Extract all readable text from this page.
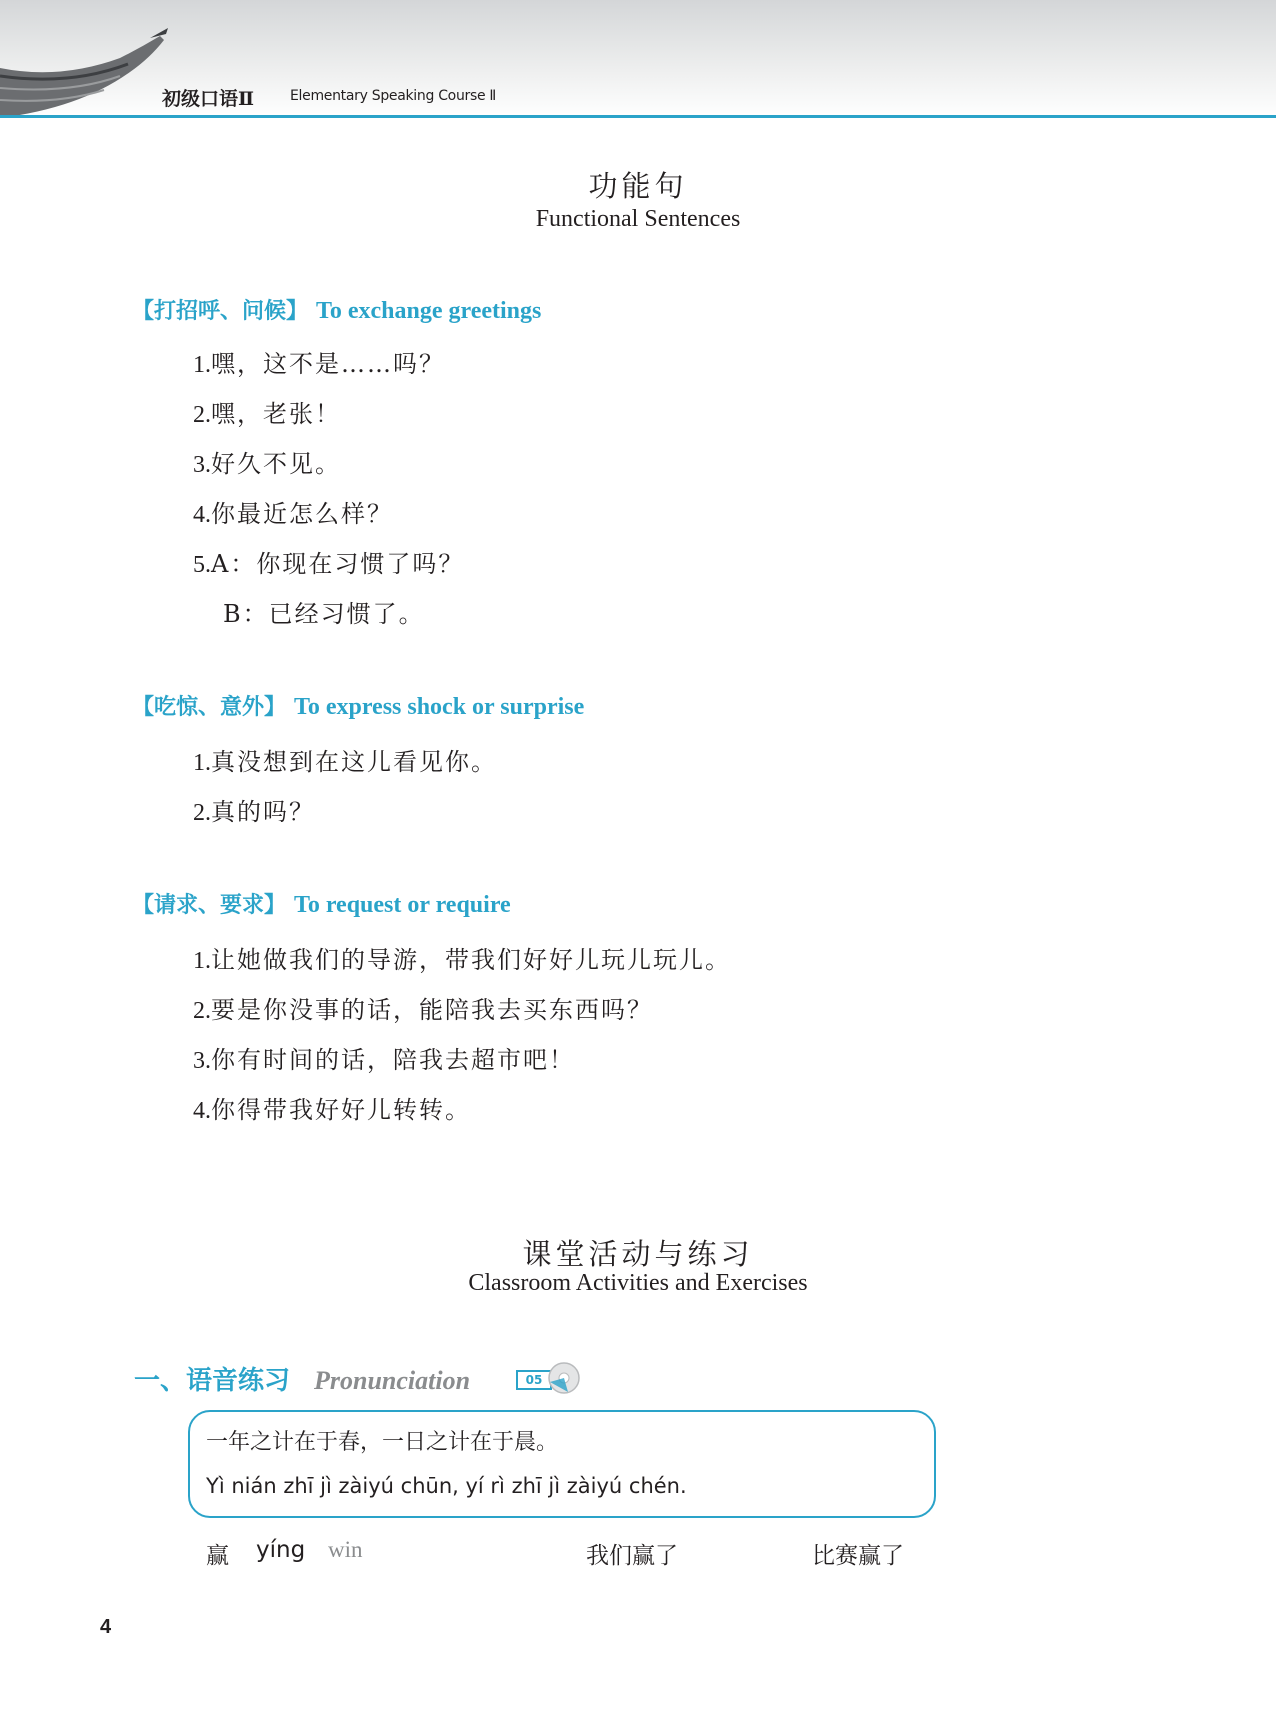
初级口语Ⅱ	Elementary Speaking Course Ⅱ
功能句
Functional Sentences
【打招呼、问候】 To exchange greetings
1.嘿，这不是……吗？
2.嘿，老张！
3.好久不见。
4.你最近怎么样？
5.A：你现在习惯了吗？
B：已经习惯了。
【吃惊、意外】 To express shock or surprise
1.真没想到在这儿看见你。
2.真的吗？
【请求、要求】 To request or require
1.让她做我们的导游，带我们好好儿玩儿玩儿。
2.要是你没事的话，能陪我去买东西吗？
3.你有时间的话，陪我去超市吧！
4.你得带我好好儿转转。
课堂活动与练习
Classroom Activities and Exercises
一、语音练习 Pronunciation	05
一年之计在于春，一日之计在于晨。
Yì nián zhī jì zàiyú chūn, yí rì zhī jì zàiyú chén.
赢 yíng win	我们赢了	比赛赢了
4
